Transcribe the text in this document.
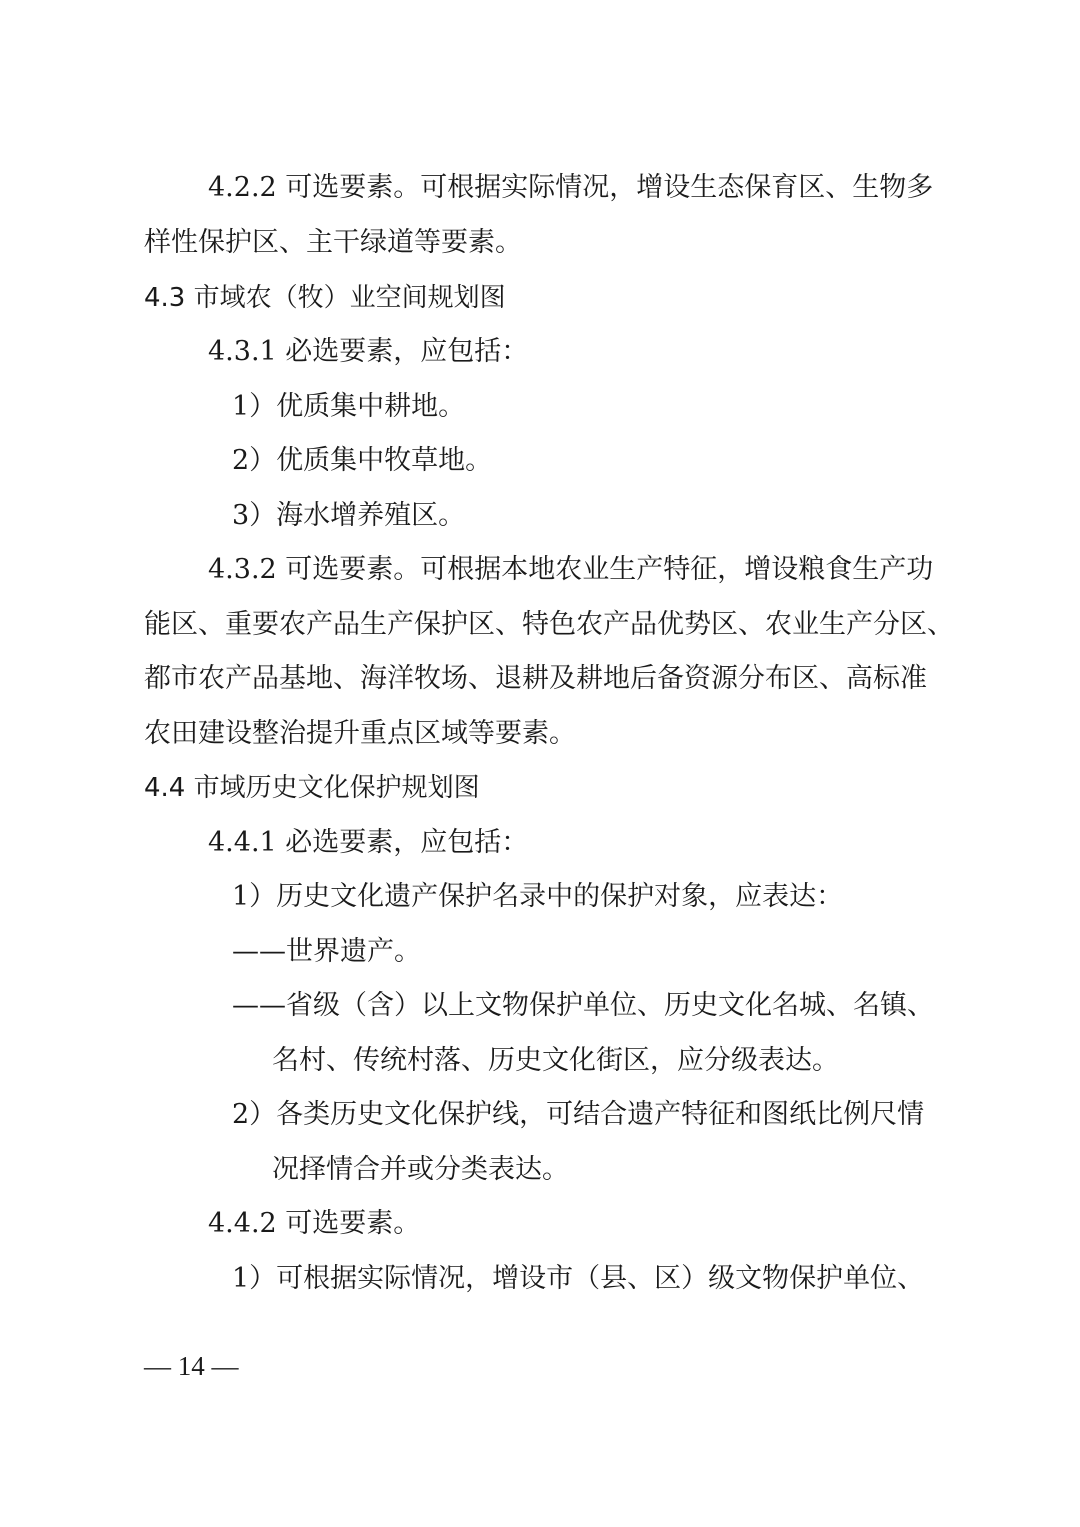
4.2.2 可选要素。可根据实际情况，增设生态保育区、生物多
样性保护区、主干绿道等要素。
4.3 市域农（牧）业空间规划图
4.3.1 必选要素，应包括：
1）优质集中耕地。
2）优质集中牧草地。
3）海水增养殖区。
4.3.2 可选要素。可根据本地农业生产特征，增设粮食生产功
能区、重要农产品生产保护区、特色农产品优势区、农业生产分区、
都市农产品基地、海洋牧场、退耕及耕地后备资源分布区、高标准
农田建设整治提升重点区域等要素。
4.4 市域历史文化保护规划图
4.4.1 必选要素，应包括：
1）历史文化遗产保护名录中的保护对象，应表达：
——世界遗产。
——省级（含）以上文物保护单位、历史文化名城、名镇、
名村、传统村落、历史文化街区，应分级表达。
2）各类历史文化保护线，可结合遗产特征和图纸比例尺情
况择情合并或分类表达。
4.4.2 可选要素。
1）可根据实际情况，增设市（县、区）级文物保护单位、
— 14 —
